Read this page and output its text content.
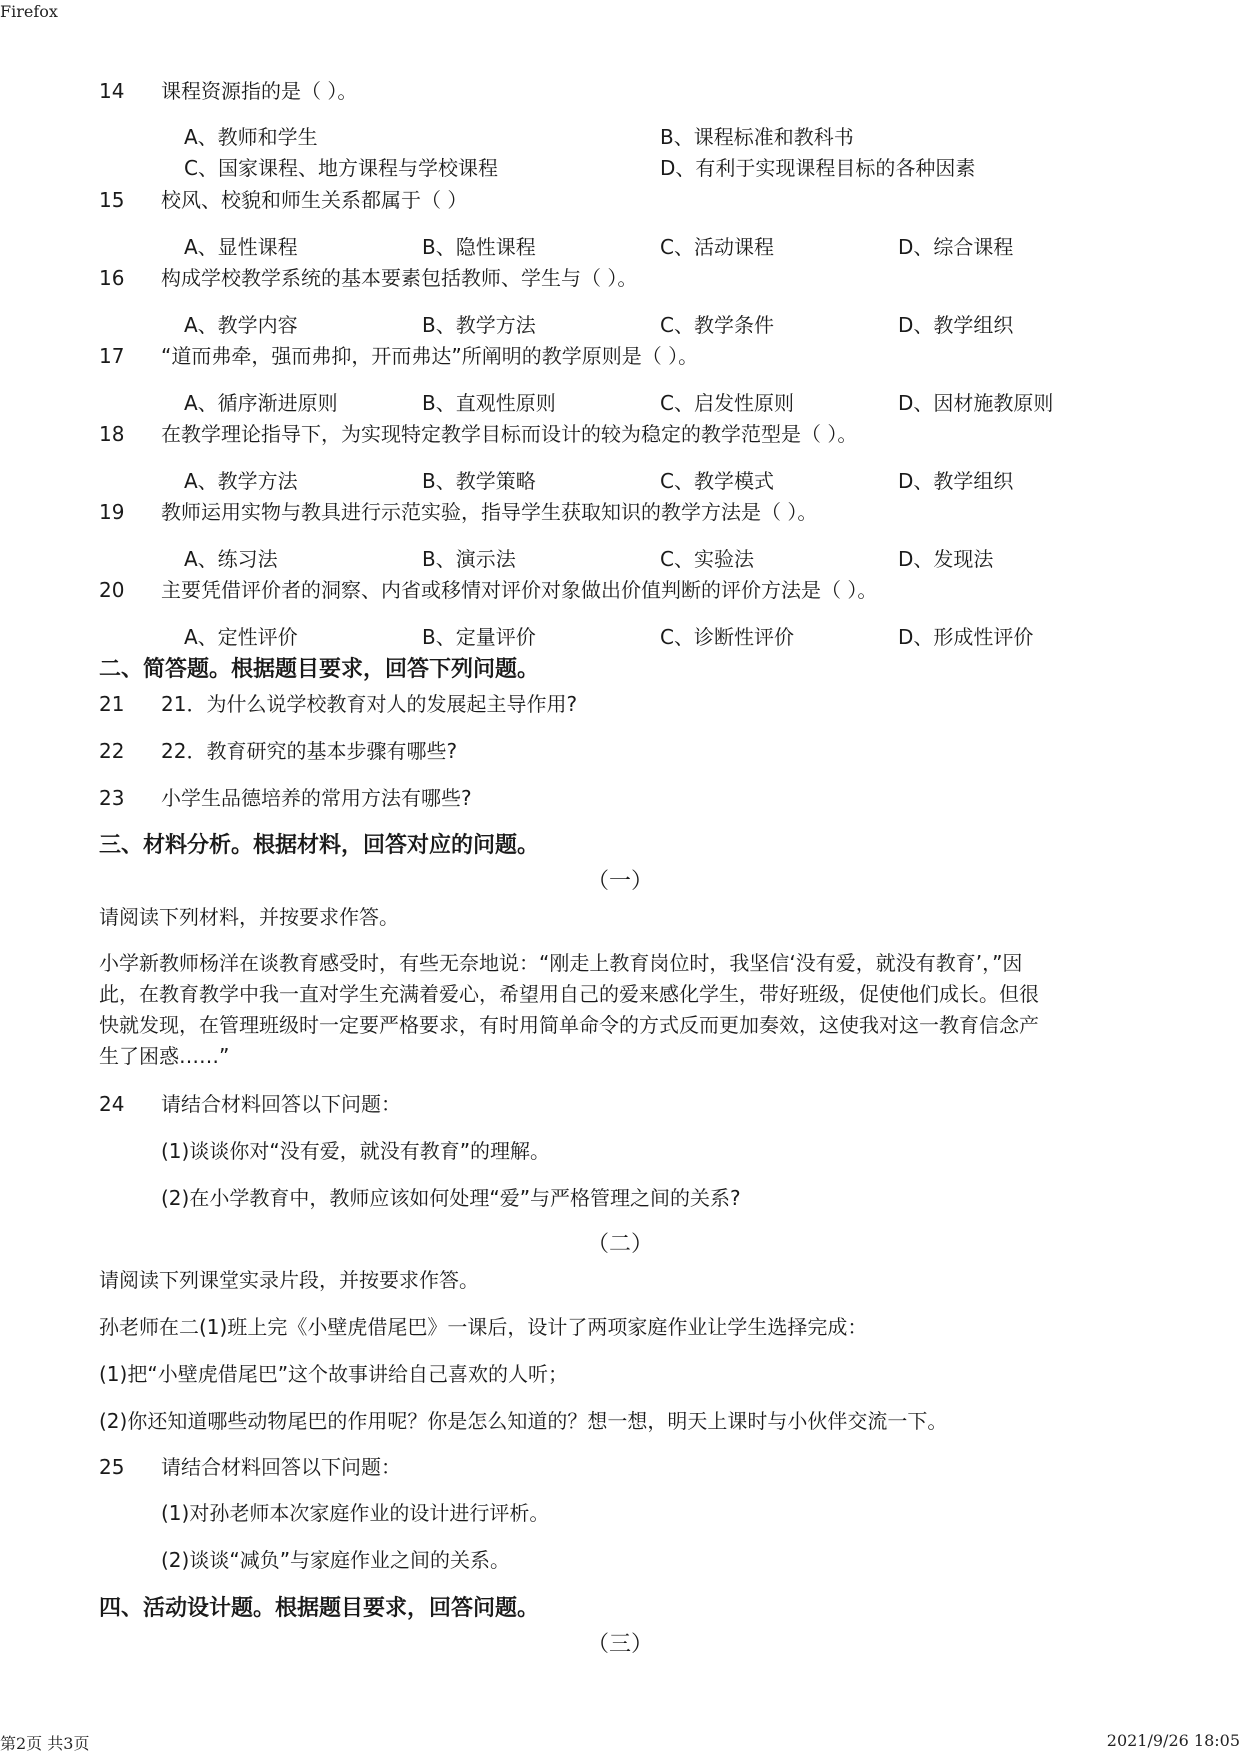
Firefox
14 课程资源指的是（ ）。
A、教师和学生	B、课程标准和教科书
C、国家课程、地方课程与学校课程	D、有利于实现课程目标的各种因素
15 校风、校貌和师生关系都属于（ ）
A、显性课程	B、隐性课程	C、活动课程	D、综合课程
16 构成学校教学系统的基本要素包括教师、学生与（ ）。
A、教学内容	B、教学方法	C、教学条件	D、教学组织
17 “道而弗牵，强而弗抑，开而弗达”所阐明的教学原则是（ ）。
A、循序渐进原则	B、直观性原则	C、启发性原则	D、因材施教原则
18 在教学理论指导下，为实现特定教学目标而设计的较为稳定的教学范型是（ ）。
A、教学方法	B、教学策略	C、教学模式	D、教学组织
19 教师运用实物与教具进行示范实验，指导学生获取知识的教学方法是（ ）。
A、练习法	B、演示法	C、实验法	D、发现法
20 主要凭借评价者的洞察、内省或移情对评价对象做出价值判断的评价方法是（ ）。
A、定性评价	B、定量评价	C、诊断性评价	D、形成性评价
二、简答题。根据题目要求，回答下列问题。
21 21．为什么说学校教育对人的发展起主导作用?
22 22．教育研究的基本步骤有哪些?
23 小学生品德培养的常用方法有哪些?
三、材料分析。根据材料，回答对应的问题。
（一）
请阅读下列材料，并按要求作答。
小学新教师杨洋在谈教育感受时，有些无奈地说：“刚走上教育岗位时，我坚信‘没有爱，就没有教育’，”因
此，在教育教学中我一直对学生充满着爱心，希望用自己的爱来感化学生，带好班级，促使他们成长。但很
快就发现，在管理班级时一定要严格要求，有时用简单命令的方式反而更加奏效，这使我对这一教育信念产
生了困惑……”
24 请结合材料回答以下问题：
(1)谈谈你对“没有爱，就没有教育”的理解。
(2)在小学教育中，教师应该如何处理“爱”与严格管理之间的关系?
（二）
请阅读下列课堂实录片段，并按要求作答。
孙老师在二(1)班上完《小壁虎借尾巴》一课后，设计了两项家庭作业让学生选择完成：
(1)把“小壁虎借尾巴”这个故事讲给自己喜欢的人听；
(2)你还知道哪些动物尾巴的作用呢？你是怎么知道的？想一想，明天上课时与小伙伴交流一下。
25 请结合材料回答以下问题：
(1)对孙老师本次家庭作业的设计进行评析。
(2)谈谈“减负”与家庭作业之间的关系。
四、活动设计题。根据题目要求，回答问题。
（三）
第2页 共3页	2021/9/26 18:05
